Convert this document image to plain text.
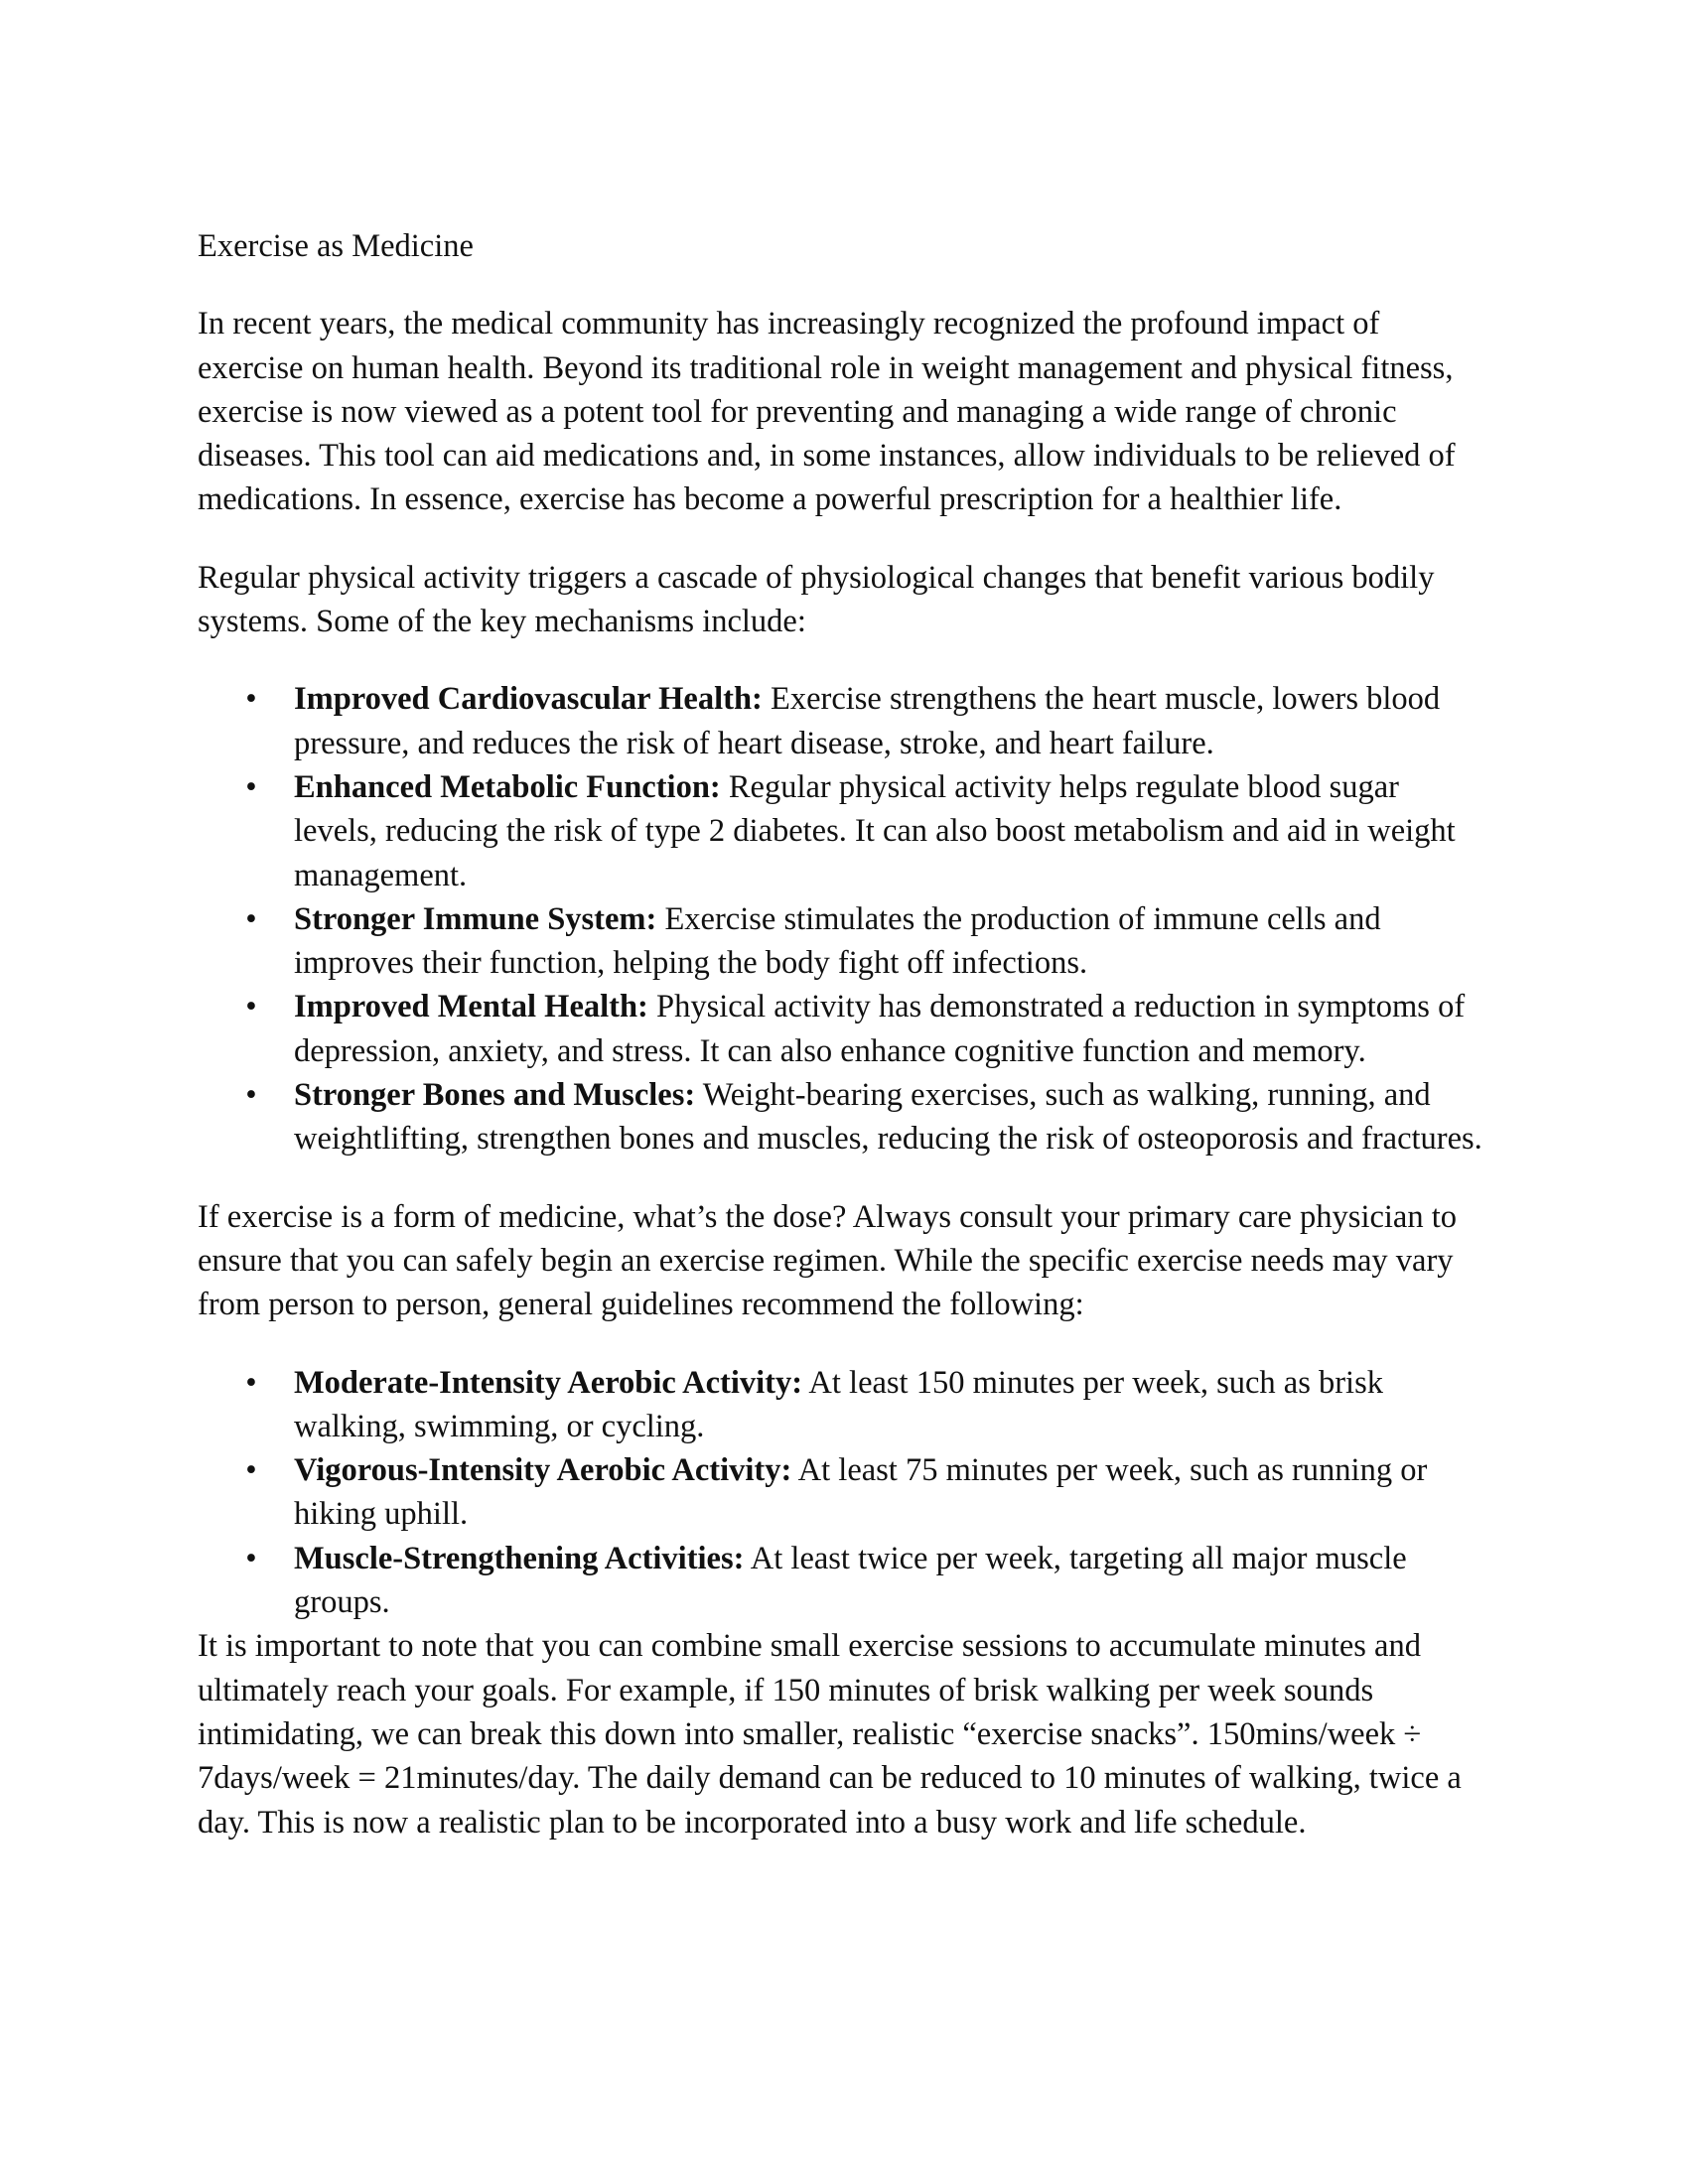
Exercise as Medicine

In recent years, the medical community has increasingly recognized the profound impact of exercise on human health. Beyond its traditional role in weight management and physical fitness, exercise is now viewed as a potent tool for preventing and managing a wide range of chronic diseases. This tool can aid medications and, in some instances, allow individuals to be relieved of medications. In essence, exercise has become a powerful prescription for a healthier life.

Regular physical activity triggers a cascade of physiological changes that benefit various bodily systems. Some of the key mechanisms include:

• Improved Cardiovascular Health: Exercise strengthens the heart muscle, lowers blood pressure, and reduces the risk of heart disease, stroke, and heart failure.
• Enhanced Metabolic Function: Regular physical activity helps regulate blood sugar levels, reducing the risk of type 2 diabetes. It can also boost metabolism and aid in weight management.
• Stronger Immune System: Exercise stimulates the production of immune cells and improves their function, helping the body fight off infections.
• Improved Mental Health: Physical activity has demonstrated a reduction in symptoms of depression, anxiety, and stress. It can also enhance cognitive function and memory.
• Stronger Bones and Muscles: Weight-bearing exercises, such as walking, running, and weightlifting, strengthen bones and muscles, reducing the risk of osteoporosis and fractures.

If exercise is a form of medicine, what’s the dose? Always consult your primary care physician to ensure that you can safely begin an exercise regimen. While the specific exercise needs may vary from person to person, general guidelines recommend the following:

• Moderate-Intensity Aerobic Activity: At least 150 minutes per week, such as brisk walking, swimming, or cycling.
• Vigorous-Intensity Aerobic Activity: At least 75 minutes per week, such as running or hiking uphill.
• Muscle-Strengthening Activities: At least twice per week, targeting all major muscle groups.

It is important to note that you can combine small exercise sessions to accumulate minutes and ultimately reach your goals. For example, if 150 minutes of brisk walking per week sounds intimidating, we can break this down into smaller, realistic “exercise snacks”. 150mins/week ÷ 7days/week = 21minutes/day. The daily demand can be reduced to 10 minutes of walking, twice a day. This is now a realistic plan to be incorporated into a busy work and life schedule.
